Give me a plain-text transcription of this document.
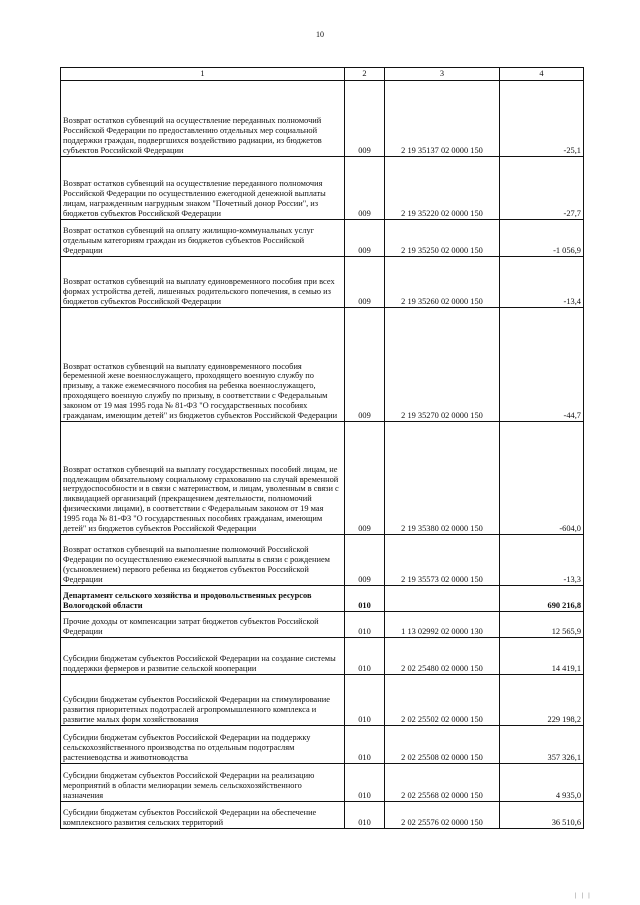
10
1	2	3	4
Возврат остатков субвенций на осуществление переданных полномочий Российской Федерации по предоставлению отдельных мер социальной поддержки граждан, подвергшихся воздействию радиации, из бюджетов субъектов Российской Федерации	009	2 19 35137 02 0000 150	-25,1
Возврат остатков субвенций на осуществление переданного полномочия Российской Федерации по осуществлению ежегодной денежной выплаты лицам, награжденным нагрудным знаком "Почетный донор России", из бюджетов субъектов Российской Федерации	009	2 19 35220 02 0000 150	-27,7
Возврат остатков субвенций на оплату жилищно-коммунальных услуг отдельным категориям граждан из бюджетов субъектов Российской Федерации	009	2 19 35250 02 0000 150	-1 056,9
Возврат остатков субвенций на выплату единовременного пособия при всех формах устройства детей, лишенных родительского попечения, в семью из бюджетов субъектов Российской Федерации	009	2 19 35260 02 0000 150	-13,4
Возврат остатков субвенций на выплату единовременного пособия беременной жене военнослужащего, проходящего военную службу по призыву, а также ежемесячного пособия на ребенка военнослужащего, проходящего военную службу по призыву, в соответствии с Федеральным законом от 19 мая 1995 года № 81-ФЗ "О государственных пособиях гражданам, имеющим детей" из бюджетов субъектов Российской Федерации	009	2 19 35270 02 0000 150	-44,7
Возврат остатков субвенций на выплату государственных пособий лицам, не подлежащим обязательному социальному страхованию на случай временной нетрудоспособности и в связи с материнством, и лицам, уволенным в связи с ликвидацией организаций (прекращением деятельности, полномочий физическими лицами), в соответствии с Федеральным законом от 19 мая 1995 года № 81-ФЗ "О государственных пособиях гражданам, имеющим детей" из бюджетов субъектов Российской Федерации	009	2 19 35380 02 0000 150	-604,0
Возврат остатков субвенций на выполнение полномочий Российской Федерации по осуществлению ежемесячной выплаты в связи с рождением (усыновлением) первого ребенка из бюджетов субъектов Российской Федерации	009	2 19 35573 02 0000 150	-13,3
Департамент сельского хозяйства и продовольственных ресурсов Вологодской области	010		690 216,8
Прочие доходы от компенсации затрат бюджетов субъектов Российской Федерации	010	1 13 02992 02 0000 130	12 565,9
Субсидии бюджетам субъектов Российской Федерации на создание системы поддержки фермеров и развитие сельской кооперации	010	2 02 25480 02 0000 150	14 419,1
Субсидии бюджетам субъектов Российской Федерации на стимулирование развития приоритетных подотраслей агропромышленного комплекса и развитие малых форм хозяйствования	010	2 02 25502 02 0000 150	229 198,2
Субсидии бюджетам субъектов Российской Федерации на поддержку сельскохозяйственного производства по отдельным подотраслям растениеводства и животноводства	010	2 02 25508 02 0000 150	357 326,1
Субсидии бюджетам субъектов Российской Федерации на реализацию мероприятий в области мелиорации земель сельскохозяйственного назначения	010	2 02 25568 02 0000 150	4 935,0
Субсидии бюджетам субъектов Российской Федерации на обеспечение комплексного развития сельских территорий	010	2 02 25576 02 0000 150	36 510,6
| | |
